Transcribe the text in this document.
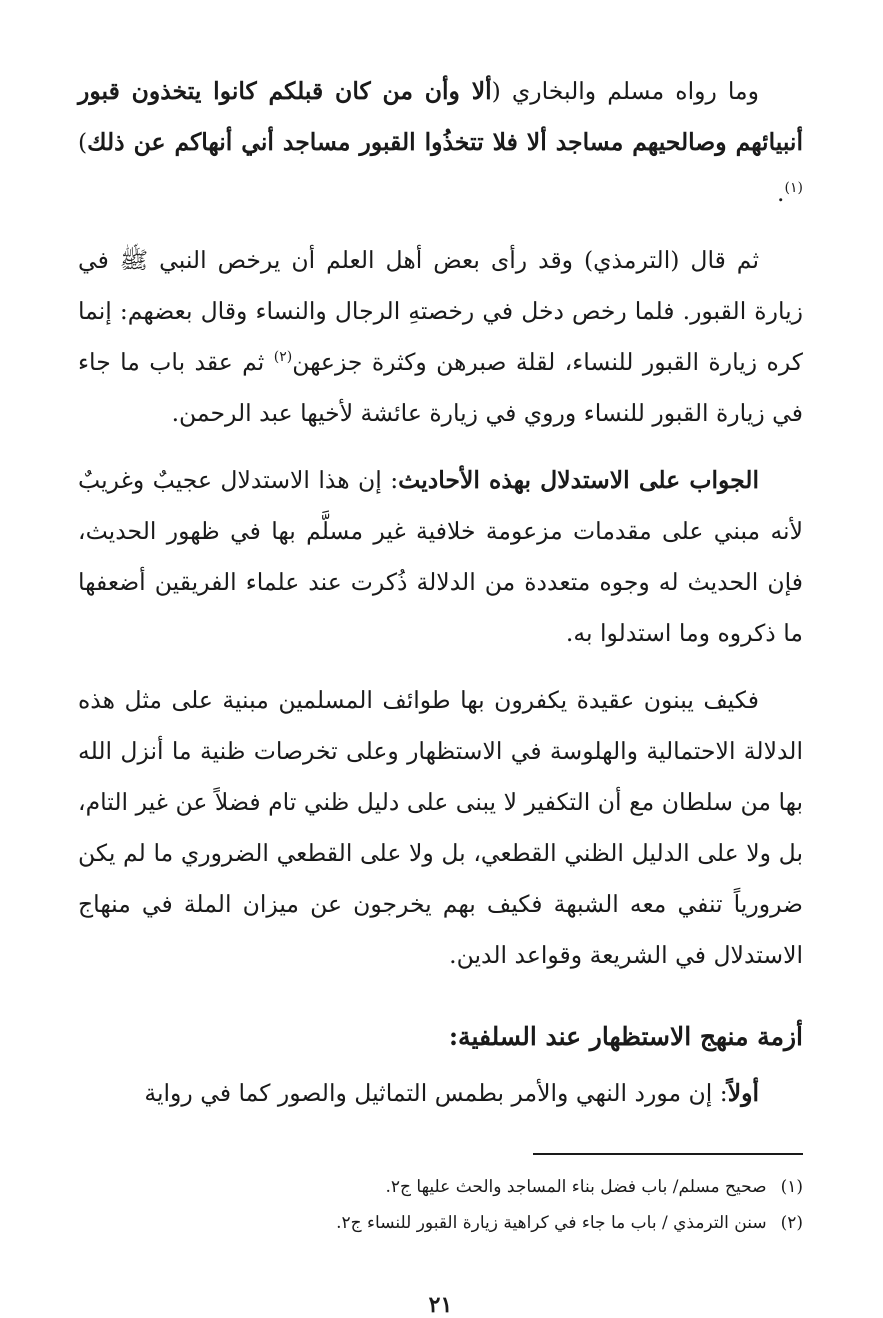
وما رواه مسلم والبخاري (ألا وأن من كان قبلكم كانوا يتخذون قبور أنبيائهم وصالحيهم مساجد ألا فلا تتخذُوا القبور مساجد أني أنهاكم عن ذلك)$^{(١)}$.

ثم قال (الترمذي) وقد رأى بعض أهل العلم أن يرخص النبي ﷺ في زيارة القبور. فلما رخص دخل في رخصتهِ الرجال والنساء وقال بعضهم: إنما كره زيارة القبور للنساء، لقلة صبرهن وكثرة جزعهن$^{(٢)}$ ثم عقد باب ما جاء في زيارة القبور للنساء وروي في زيارة عائشة لأخيها عبد الرحمن.

الجواب على الاستدلال بهذه الأحاديث: إن هذا الاستدلال عجيبٌ وغريبٌ لأنه مبني على مقدمات مزعومة خلافية غير مسلَّم بها في ظهور الحديث، فإن الحديث له وجوه متعددة من الدلالة ذُكرت عند علماء الفريقين أضعفها ما ذكروه وما استدلوا به.

فكيف يبنون عقيدة يكفرون بها طوائف المسلمين مبنية على مثل هذه الدلالة الاحتمالية والهلوسة في الاستظهار وعلى تخرصات ظنية ما أنزل الله بها من سلطان مع أن التكفير لا يبنى على دليل ظني تام فضلاً عن غير التام، بل ولا على الدليل الظني القطعي، بل ولا على القطعي الضروري ما لم يكن ضرورياً تنفي معه الشبهة فكيف بهم يخرجون عن ميزان الملة في منهاج الاستدلال في الشريعة وقواعد الدين.

أزمة منهج الاستظهار عند السلفية:

أولاً: إن مورد النهي والأمر بطمس التماثيل والصور كما في رواية

(١)صحيح مسلم/ باب فضل بناء المساجد والحث عليها ج٢.

(٢)سنن الترمذي / باب ما جاء في كراهية زيارة القبور للنساء ج٢.

٢١
